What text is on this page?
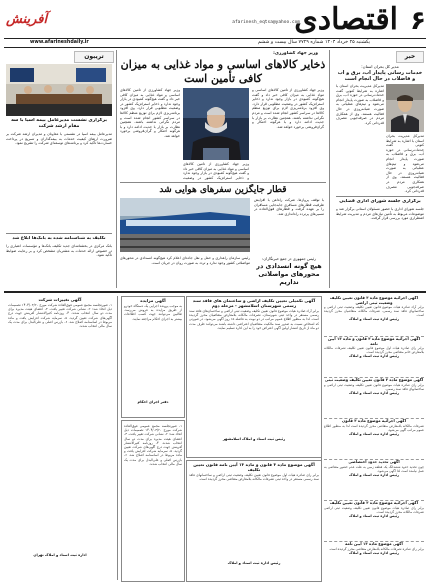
۶
اقتصادی
afarinesh_eqtsa@yahoo.com
آفرینش
یکشنبه ۲۵ خرداد ۱۴۰۴ شماره ۷۷۲۹ سال بیست و ششم
www.afarineshdaily.ir
خبر
مدیر کل بحران استان:
خدمات رسانی پایدار آب، برق و آب و فاضلاب در حال انجام است
مدیرکل مدیریت بحران استان با اشاره به شرایط کنونی گفت خدمات‌رسانی در حوزه آب، برق و فاضلاب به صورت پایدار انجام می‌شود و تیم‌های عملیاتی به صورت شبانه‌روزی در حال فعالیت هستند. وی از همکاری مردم در صرفه‌جویی مصرف قدردانی کرد.
مدیرکل مدیریت بحران استان با اشاره به شرایط کنونی گفت خدمات‌رسانی در حوزه آب، برق و فاضلاب به صورت پایدار انجام می‌شود و تیم‌های عملیاتی به صورت شبانه‌روزی در حال فعالیت هستند. وی از همکاری مردم در صرفه‌جویی مصرف قدردانی کرد.
برگزاری جلسه شورای اداری قضایی
جلسه شورای اداری با حضور مسئولان استانی برگزار شد و موضوعات مربوط به تأمین نیازهای مردم و مدیریت شرایط اضطراری مورد بررسی قرار گرفت.
وزیر جهاد کشاورزی:
ذخایر کالاهای اساسی و مواد غذایی به میزان کافی تأمین است
وزیر جهاد کشاورزی از تأمین کالاهای اساسی و مواد غذایی به میزان کافی خبر داد و گفت هیچ‌گونه کمبودی در بازار وجود ندارد و ذخایر استراتژیک کشور در وضعیت مطلوبی قرار دارد. وی افزود برنامه‌ریزی لازم برای توزیع منظم کالاها در سراسر کشور انجام شده است و مردم نگرانی نداشته باشند. همچنین نظارت بر بازار با جدیت ادامه دارد و با هرگونه احتکار و گران‌فروشی برخورد خواهد شد.
وزیر جهاد کشاورزی از تأمین کالاهای اساسی و مواد غذایی به میزان کافی خبر داد و گفت هیچ‌گونه کمبودی در بازار وجود ندارد و ذخایر استراتژیک کشور در وضعیت مطلوبی قرار دارد. وی افزود برنامه‌ریزی لازم برای توزیع منظم کالاها در سراسر کشور انجام شده است و مردم نگرانی نداشته باشند. همچنین نظارت بر بازار با جدیت ادامه دارد و با هرگونه احتکار و گران‌فروشی برخورد خواهد شد.
وزیر جهاد کشاورزی از تأمین کالاهای اساسی و مواد غذایی به میزان کافی خبر داد و گفت هیچ‌گونه کمبودی در بازار وجود ندارد و ذخایر استراتژیک کشور در وضعیت
قطار جایگزین سفرهای هوایی شد
با توقف پروازها، شرکت راه‌آهن با افزایش ظرفیت قطارهای مسافری جابه‌جایی مسافران را بر عهده گرفت و قطارهای فوق‌العاده در مسیرهای پرتردد راه‌اندازی شد.
رئیس جمهوری در جمع خبرنگاران:
هیچ گونه انسدادی در محورهای مواصلاتی نداریم
رئیس سازمان راهداری و حمل و نقل جاده‌ای اعلام کرد هیچ‌گونه انسدادی در محورهای مواصلاتی کشور وجود ندارد و تردد به صورت روان در جریان است.
تریبون
برگزاری نشست مدیرعامل بیمه آسیا با سه مقام ارشد شرکت
مدیرعامل بیمه آسیا در نشستی با معاونان و مدیران ارشد شرکت بر ضرورت ارتقای کیفیت خدمات به بیمه‌گذاران و تسریع در پرداخت خسارت‌ها تأکید کرد و برنامه‌های توسعه‌ای شرکت را تشریح نمود.
تکلیف به شناسنامه‌ شده به بانک‌ها ابلاغ شد
بانک مرکزی در بخشنامه‌ای جدید تکلیف بانک‌ها و مؤسسات اعتباری را در خصوص ارائه خدمات به مشتریان مشخص کرد و بر رعایت ضوابط تأکید نمود.
آگهی تغییرات شرکت
۱- صورتجلسه مجمع عمومی فوق‌العاده شرکت مورخ ۱۴۰۴/۰۳/۲۰ تصمیمات ذیل اتخاذ شد: ۲- نشانی شرکت تغییر یافت. ۳- اعضای هیئت مدیره برای مدت دو سال انتخاب شدند. ۴- روزنامه کثیرالانتشار آفرینش جهت درج آگهی‌های شرکت تعیین گردید. ۵- سرمایه شرکت افزایش یافت و ماده مربوط در اساسنامه اصلاح شد. ۶- بازرس اصلی و علی‌البدل برای مدت یک سال مالی انتخاب شدند.
اداره ثبت اسناد و املاک تهران
آگهی مزایده
به موجب پرونده اجرایی یک دستگاه خودرو از طریق مزایده به فروش می‌رسد. طالبین می‌توانند جهت کسب اطلاعات بیشتر به اجرای احکام مراجعه نمایند.
دفتر اجرای احکام
آگهی تکمیلی تعیین تکلیف اراضی و ساختمان های فاقد سند رسمی شهرستان اسلامشهر - مرحله دوم
برابر آراء صادره هیات موضوع قانون تعیین تکلیف وضعیت ثبتی اراضی و ساختمان‌های فاقد سند رسمی مستقر در واحد ثبتی شهرستان، تصرفات مالکانه بلامعارض متقاضیان محرز گردیده است. لذا به منظور اطلاع عموم مراتب در دو نوبت به فاصله ۱۵ روز آگهی می‌شود. در صورتی که اشخاص نسبت به صدور سند مالکیت متقاضیان اعتراضی داشته باشند می‌توانند ظرف مدت دو ماه از تاریخ انتشار اولین آگهی اعتراض خود را به این اداره تسلیم نمایند.
رئیس ثبت اسناد و املاک اسلامشهر
۱- صورتجلسه مجمع عمومی فوق‌العاده شرکت مورخ ۱۴۰۴/۰۳/۲۰ تصمیمات ذیل اتخاذ شد: ۲- نشانی شرکت تغییر یافت. ۳- اعضای هیئت مدیره برای مدت دو سال انتخاب شدند. ۴- روزنامه کثیرالانتشار آفرینش جهت درج آگهی‌های شرکت تعیین گردید. ۵- سرمایه شرکت افزایش یافت و ماده مربوط در اساسنامه اصلاح شد. ۶- بازرس اصلی و علی‌البدل برای مدت یک سال مالی انتخاب شدند.	آگهی موضوع ماده ۳ قانون و ماده ۱۳ آیین نامه قانون تعیین تکلیف
برابر رای صادره هیات اول موضوع قانون تعیین تکلیف وضعیت ثبتی اراضی و ساختمانهای فاقد سند رسمی مستقر در واحد ثبتی تصرفات مالکانه بلامعارض متقاضی محرز گردیده است.
رئیس اداره ثبت اسناد و املاک
آگهی اجرائیه موضوع ماده ۳ قانون تعیین تکلیف وضعیت ثبتی اراضی
برابر آراء صادره هیات موضوع قانون تعیین تکلیف وضعیت ثبتی اراضی و ساختمانهای فاقد سند رسمی، تصرفات مالکانه متقاضیان محرز گردیده است.
رئیس اداره ثبت اسناد و املاک
آگهی اجرائیه موضوع ماده ۳ قانون و ماده ۱۳ آیین نامه
برابر رای صادره هیات اول موضوع قانون تعیین تکلیف تصرفات مالکانه بلامعارض خانم متقاضی محرز گردیده است.
رئیس اداره ثبت اسناد و املاک
آگهی موضوع ماده ۳ قانون تعیین تکلیف وضعیت ثبتی
برابر رای صادره هیات موضوع قانون تعیین تکلیف وضعیت ثبتی اراضی و ساختمانهای فاقد سند رسمی.
رئیس اداره ثبت اسناد و املاک
آگهی اجرائیه موضوع ماده ۳ قانون
تصرفات مالکانه بلامعارض متقاضی محرز گردیده است لذا به منظور اطلاع عموم مراتب آگهی می‌شود.
رئیس اداره ثبت اسناد و املاک
آگهی تحدید حدود اختصاصی
چون تحدید حدود ششدانگ یک قطعه زمین به علت عدم حضور متقاضی به عمل نیامده است لذا آگهی می‌شود.
رئیس اداره ثبت اسناد و املاک
آگهی اجرائیه موضوع ماده ۳ قانون تعیین تکلیف
برابر رای صادره هیات موضوع قانون تعیین تکلیف وضعیت ثبتی اراضی تصرفات مالکانه محرز گردیده است.
رئیس اداره ثبت اسناد و املاک
آگهی موضوع ماده ۱۳ آیین نامه
برابر رای صادره تصرفات مالکانه بلامعارض متقاضی محرز گردیده است.
رئیس اداره ثبت اسناد و املاک
